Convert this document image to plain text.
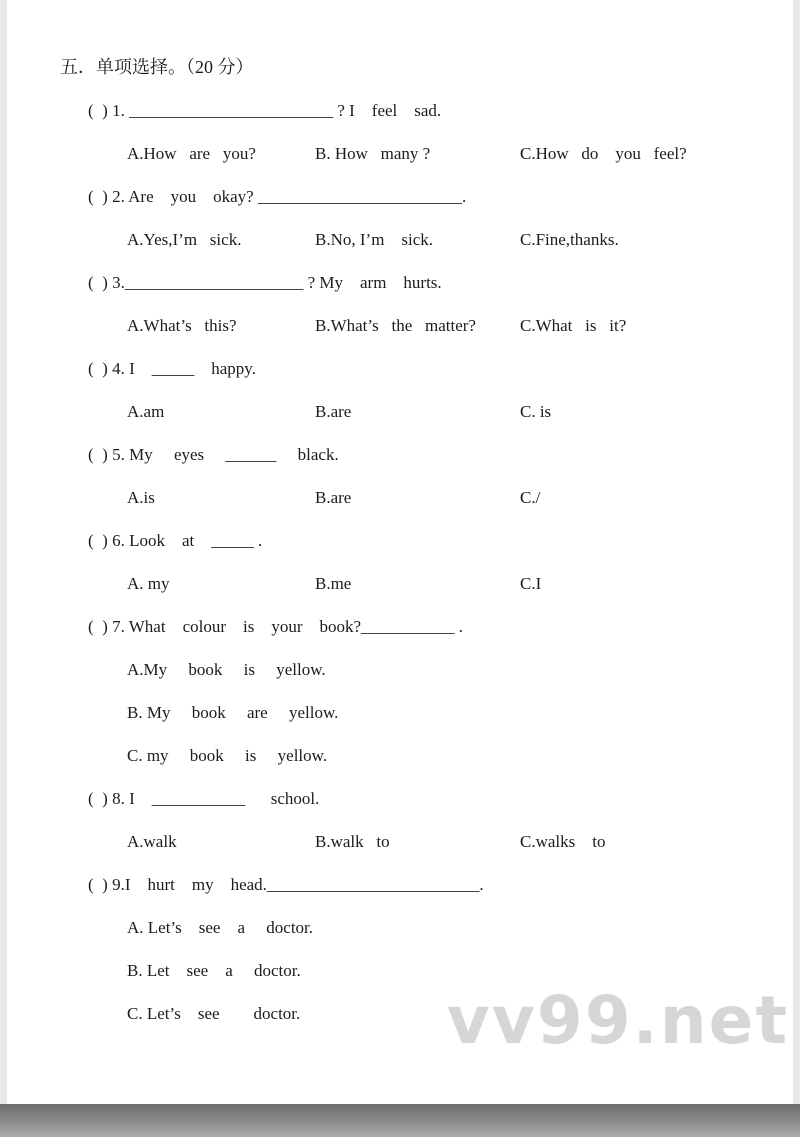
vv99.net
五．单项选择。（20 分）
(  ) 1. ________________________ ? I    feel    sad.
A.How   are   you?	B. How   many ?	C.How   do    you   feel?
(  ) 2. Are    you    okay? ________________________.
A.Yes,I’m   sick.	B.No, I’m    sick.	C.Fine,thanks.
(  ) 3._____________________ ? My    arm    hurts.
A.What’s   this?	B.What’s   the   matter?	C.What   is   it?
(  ) 4. I    _____    happy.
A.am	B.are	C. is
(  ) 5. My     eyes     ______     black.
A.is	B.are	C./
(  ) 6. Look    at    _____ .
A. my	B.me	C.I
(  ) 7. What    colour    is    your    book?___________ .
A.My     book     is     yellow.
B. My     book     are     yellow.
C. my     book     is     yellow.
(  ) 8. I    ___________      school.
A.walk	B.walk   to	C.walks    to
(  ) 9.I    hurt    my    head._________________________.
A. Let’s    see    a     doctor.
B. Let    see    a     doctor.
C. Let’s    see        doctor.
